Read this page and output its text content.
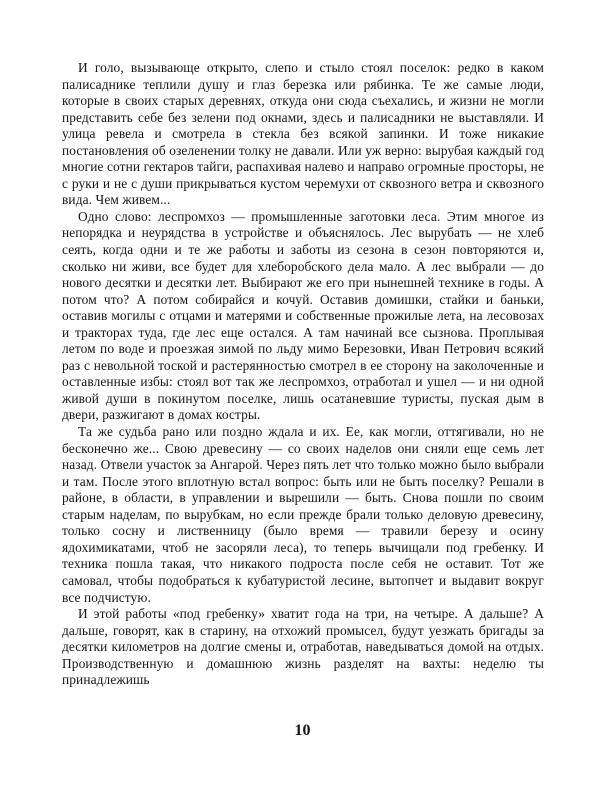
И голо, вызывающе открыто, слепо и стыло стоял поселок: редко в каком палисаднике теплили душу и глаз березка или рябинка. Те же самые люди, которые в своих старых деревнях, откуда они сюда съехались, и жизни не могли представить себе без зелени под окнами, здесь и палисадники не выставляли. И улица ревела и смотрела в стекла без всякой запинки. И тоже никакие постановления об озеленении толку не давали. Или уж верно: вырубая каждый год многие сотни гектаров тайги, распахивая налево и направо огромные просторы, не с руки и не с души прикрываться кустом черемухи от сквозного ветра и сквозного вида. Чем живем...

Одно слово: леспромхоз — промышленные заготовки леса. Этим многое из непорядка и неурядства в устройстве и объяснялось. Лес вырубать — не хлеб сеять, когда одни и те же работы и заботы из сезона в сезон повторяются и, сколько ни живи, все будет для хлеборобского дела мало. А лес выбрали — до нового десятки и десятки лет. Выбирают же его при нынешней технике в годы. А потом что? А потом собирайся и кочуй. Оставив домишки, стайки и баньки, оставив могилы с отцами и матерями и собственные прожилые лета, на лесовозах и тракторах туда, где лес еще остался. А там начинай все сызнова. Проплывая летом по воде и проезжая зимой по льду мимо Березовки, Иван Петрович всякий раз с невольной тоской и растерянностью смотрел в ее сторону на заколоченные и оставленные избы: стоял вот так же леспромхоз, отработал и ушел — и ни одной живой души в покинутом поселке, лишь осатаневшие туристы, пуская дым в двери, разжигают в домах костры.

Та же судьба рано или поздно ждала и их. Ее, как могли, оттягивали, но не бесконечно же... Свою древесину — со своих наделов они сняли еще семь лет назад. Отвели участок за Ангарой. Через пять лет что только можно было выбрали и там. После этого вплотную встал вопрос: быть или не быть поселку? Решали в районе, в области, в управлении и вырешили — быть. Снова пошли по своим старым наделам, по вырубкам, но если прежде брали только деловую древесину, только сосну и лиственницу (было время — травили березу и осину ядохимикатами, чтоб не засоряли леса), то теперь вычищали под гребенку. И техника пошла такая, что никакого подроста после себя не оставит. Тот же самовал, чтобы подобраться к кубатуристой лесине, вытопчет и выдавит вокруг все подчистую.

И этой работы «под гребенку» хватит года на три, на четыре. А дальше? А дальше, говорят, как в старину, на отхожий промысел, будут уезжать бригады за десятки километров на долгие смены и, отработав, наведываться домой на отдых. Производственную и домашнюю жизнь разделят на вахты: неделю ты принадлежишь

10
